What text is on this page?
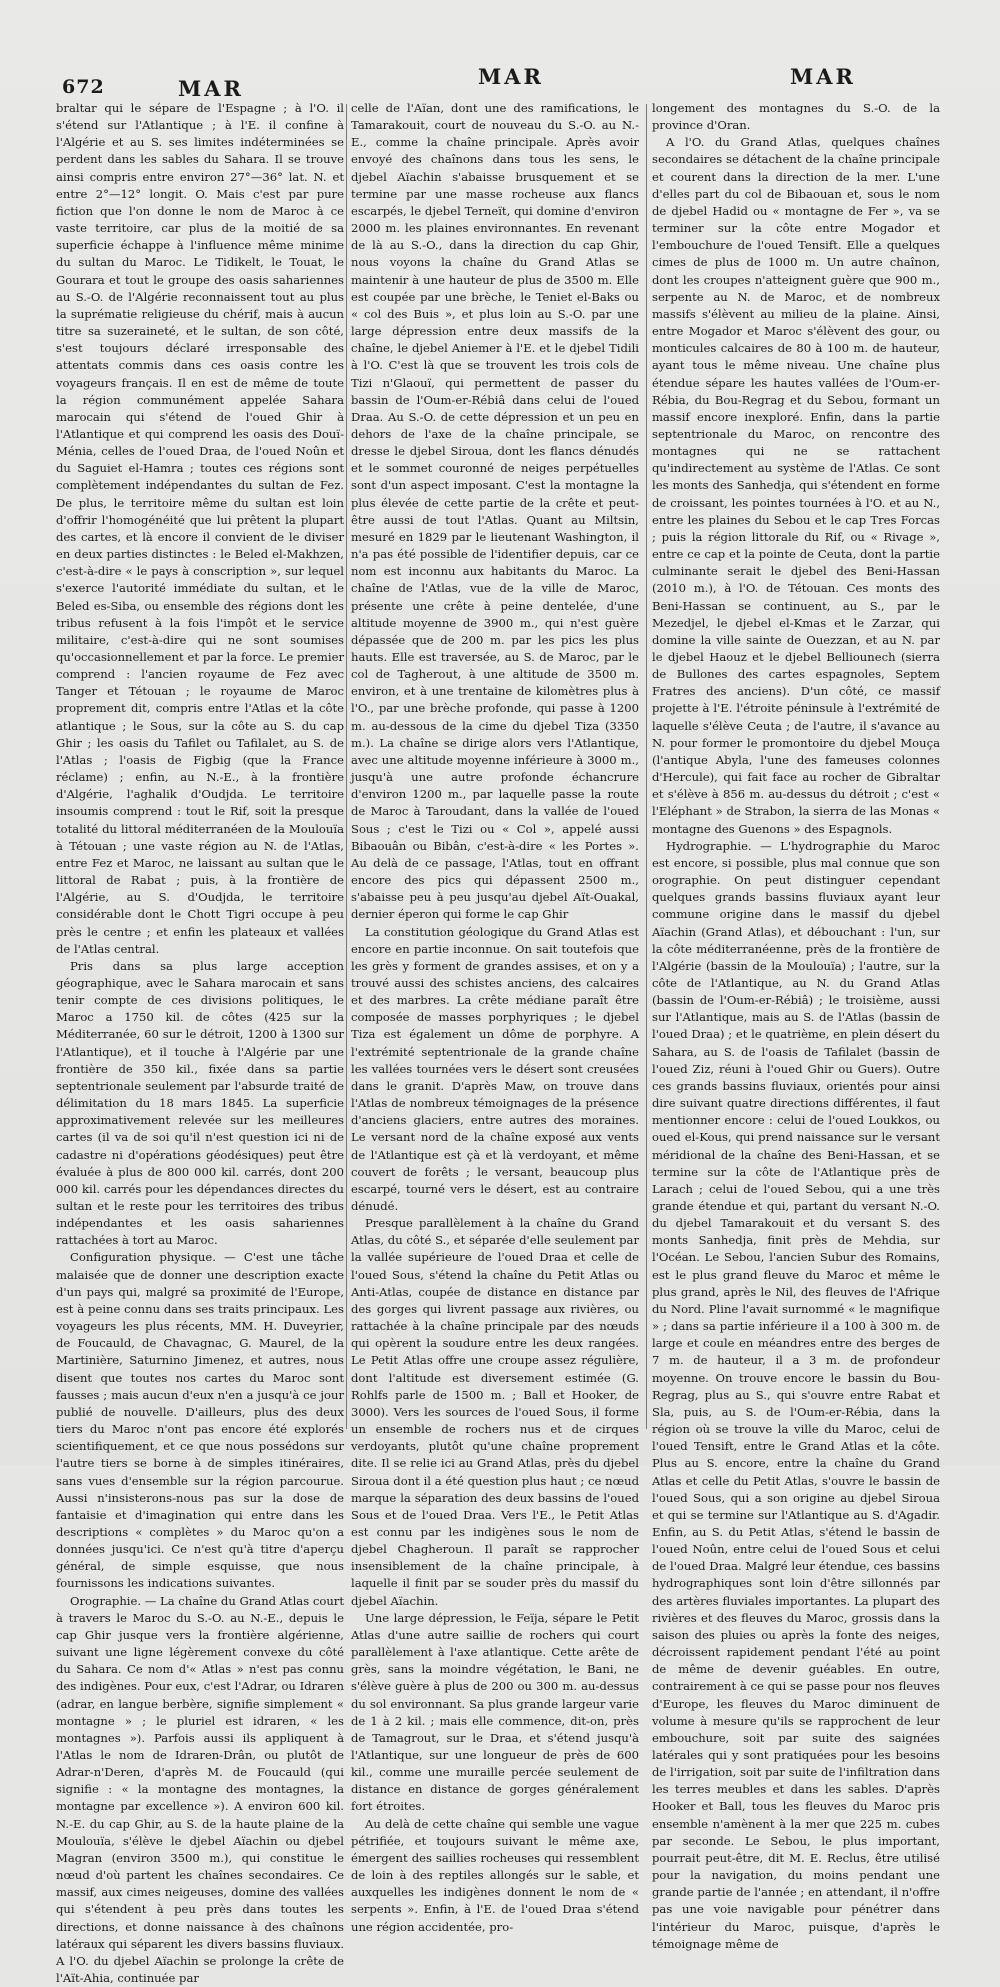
672	MAR	MAR	MAR

braltar qui le sépare de l'Espagne ; à l'O. il s'étend sur l'Atlantique ; à l'E. il confine à l'Algérie et au S. ses limites indéterminées se perdent dans les sables du Sahara. Il se trouve ainsi compris entre environ 27°—36° lat. N. et entre 2°—12° longit. O. Mais c'est par pure fiction que l'on donne le nom de Maroc à ce vaste territoire, car plus de la moitié de sa superficie échappe à l'influence même minime du sultan du Maroc. Le Tidikelt, le Touat, le Gourara et tout le groupe des oasis sahariennes au S.-O. de l'Algérie reconnaissent tout au plus la suprématie religieuse du chérif, mais à aucun titre sa suzeraineté, et le sultan, de son côté, s'est toujours déclaré irresponsable des attentats commis dans ces oasis contre les voyageurs français. Il en est de même de toute la région communément appelée Sahara marocain qui s'étend de l'oued Ghir à l'Atlantique et qui comprend les oasis des Douï-Ménia, celles de l'oued Draa, de l'oued Noûn et du Saguiet el-Hamra ; toutes ces régions sont complètement indépendantes du sultan de Fez. De plus, le territoire même du sultan est loin d'offrir l'homogénéité que lui prêtent la plupart des cartes, et là encore il convient de le diviser en deux parties distinctes : le Beled el-Makhzen, c'est-à-dire « le pays à conscription », sur lequel s'exerce l'autorité immédiate du sultan, et le Beled es-Siba, ou ensemble des régions dont les tribus refusent à la fois l'impôt et le service militaire, c'est-à-dire qui ne sont soumises qu'occasionnellement et par la force. Le premier comprend : l'ancien royaume de Fez avec Tanger et Tétouan ; le royaume de Maroc proprement dit, compris entre l'Atlas et la côte atlantique ; le Sous, sur la côte au S. du cap Ghir ; les oasis du Tafilet ou Tafilalet, au S. de l'Atlas ; l'oasis de Figbig (que la France réclame) ; enfin, au N.-E., à la frontière d'Algérie, l'aghalik d'Oudjda. Le territoire insoumis comprend : tout le Rif, soit la presque totalité du littoral méditerranéen de la Moulouïa à Tétouan ; une vaste région au N. de l'Atlas, entre Fez et Maroc, ne laissant au sultan que le littoral de Rabat ; puis, à la frontière de l'Algérie, au S. d'Oudjda, le territoire considérable dont le Chott Tigri occupe à peu près le centre ; et enfin les plateaux et vallées de l'Atlas central.

Pris dans sa plus large acception géographique, avec le Sahara marocain et sans tenir compte de ces divisions politiques, le Maroc a 1750 kil. de côtes (425 sur la Méditerranée, 60 sur le détroit, 1200 à 1300 sur l'Atlantique), et il touche à l'Algérie par une frontière de 350 kil., fixée dans sa partie septentrionale seulement par l'absurde traité de délimitation du 18 mars 1845. La superficie approximativement relevée sur les meilleures cartes (il va de soi qu'il n'est question ici ni de cadastre ni d'opérations géodésiques) peut être évaluée à plus de 800 000 kil. carrés, dont 200 000 kil. carrés pour les dépendances directes du sultan et le reste pour les territoires des tribus indépendantes et les oasis sahariennes rattachées à tort au Maroc.

Configuration physique. — C'est une tâche malaisée que de donner une description exacte d'un pays qui, malgré sa proximité de l'Europe, est à peine connu dans ses traits principaux. Les voyageurs les plus récents, MM. H. Duveyrier, de Foucauld, de Chavagnac, G. Maurel, de la Martinière, Saturnino Jimenez, et autres, nous disent que toutes nos cartes du Maroc sont fausses ; mais aucun d'eux n'en a jusqu'à ce jour publié de nouvelle. D'ailleurs, plus des deux tiers du Maroc n'ont pas encore été explorés scientifiquement, et ce que nous possédons sur l'autre tiers se borne à de simples itinéraires, sans vues d'ensemble sur la région parcourue. Aussi n'insisterons-nous pas sur la dose de fantaisie et d'imagination qui entre dans les descriptions « complètes » du Maroc qu'on a données jusqu'ici. Ce n'est qu'à titre d'aperçu général, de simple esquisse, que nous fournissons les indications suivantes.

Orographie. — La chaîne du Grand Atlas court à travers le Maroc du S.-O. au N.-E., depuis le cap Ghir jusque vers la frontière algérienne, suivant une ligne légèrement convexe du côté du Sahara. Ce nom d'« Atlas » n'est pas connu des indigènes. Pour eux, c'est l'Adrar, ou Idraren (adrar, en langue berbère, signifie simplement « montagne » ; le pluriel est idraren, « les montagnes »). Parfois aussi ils appliquent à l'Atlas le nom de Idraren-Drân, ou plutôt de Adrar-n'Deren, d'après M. de Foucauld (qui signifie : « la montagne des montagnes, la montagne par excellence »). A environ 600 kil. N.-E. du cap Ghir, au S. de la haute plaine de la Moulouïa, s'élève le djebel Aïachin ou djebel Magran (environ 3500 m.), qui constitue le nœud d'où partent les chaînes secondaires. Ce massif, aux cimes neigeuses, domine des vallées qui s'étendent à peu près dans toutes les directions, et donne naissance à des chaînons latéraux qui séparent les divers bassins fluviaux. A l'O. du djebel Aïachin se prolonge la crête de l'Aït-Ahia, continuée par

celle de l'Aïan, dont une des ramifications, le Tamarakouit, court de nouveau du S.-O. au N.-E., comme la chaîne principale. Après avoir envoyé des chaînons dans tous les sens, le djebel Aïachin s'abaisse brusquement et se termine par une masse rocheuse aux flancs escarpés, le djebel Terneït, qui domine d'environ 2000 m. les plaines environnantes. En revenant de là au S.-O., dans la direction du cap Ghir, nous voyons la chaîne du Grand Atlas se maintenir à une hauteur de plus de 3500 m. Elle est coupée par une brèche, le Teniet el-Baks ou « col des Buis », et plus loin au S.-O. par une large dépression entre deux massifs de la chaîne, le djebel Aniemer à l'E. et le djebel Tidili à l'O. C'est là que se trouvent les trois cols de Tizi n'Glaouï, qui permettent de passer du bassin de l'Oum-er-Rébiâ dans celui de l'oued Draa. Au S.-O. de cette dépression et un peu en dehors de l'axe de la chaîne principale, se dresse le djebel Siroua, dont les flancs dénudés et le sommet couronné de neiges perpétuelles sont d'un aspect imposant. C'est la montagne la plus élevée de cette partie de la crête et peut-être aussi de tout l'Atlas. Quant au Miltsin, mesuré en 1829 par le lieutenant Washington, il n'a pas été possible de l'identifier depuis, car ce nom est inconnu aux habitants du Maroc. La chaîne de l'Atlas, vue de la ville de Maroc, présente une crête à peine dentelée, d'une altitude moyenne de 3900 m., qui n'est guère dépassée que de 200 m. par les pics les plus hauts. Elle est traversée, au S. de Maroc, par le col de Tagherout, à une altitude de 3500 m. environ, et à une trentaine de kilomètres plus à l'O., par une brèche profonde, qui passe à 1200 m. au-dessous de la cime du djebel Tiza (3350 m.). La chaîne se dirige alors vers l'Atlantique, avec une altitude moyenne inférieure à 3000 m., jusqu'à une autre profonde échancrure d'environ 1200 m., par laquelle passe la route de Maroc à Taroudant, dans la vallée de l'oued Sous ; c'est le Tizi ou « Col », appelé aussi Bibaouân ou Bibân, c'est-à-dire « les Portes ». Au delà de ce passage, l'Atlas, tout en offrant encore des pics qui dépassent 2500 m., s'abaisse peu à peu jusqu'au djebel Aït-Ouakal, dernier éperon qui forme le cap Ghir

La constitution géologique du Grand Atlas est encore en partie inconnue. On sait toutefois que les grès y forment de grandes assises, et on y a trouvé aussi des schistes anciens, des calcaires et des marbres. La crête médiane paraît être composée de masses porphyriques ; le djebel Tiza est également un dôme de porphyre. A l'extrémité septentrionale de la grande chaîne les vallées tournées vers le désert sont creusées dans le granit. D'après Maw, on trouve dans l'Atlas de nombreux témoignages de la présence d'anciens glaciers, entre autres des moraines. Le versant nord de la chaîne exposé aux vents de l'Atlantique est çà et là verdoyant, et même couvert de forêts ; le versant, beaucoup plus escarpé, tourné vers le désert, est au contraire dénudé.

Presque parallèlement à la chaîne du Grand Atlas, du côté S., et séparée d'elle seulement par la vallée supérieure de l'oued Draa et celle de l'oued Sous, s'étend la chaîne du Petit Atlas ou Anti-Atlas, coupée de distance en distance par des gorges qui livrent passage aux rivières, ou rattachée à la chaîne principale par des nœuds qui opèrent la soudure entre les deux rangées. Le Petit Atlas offre une croupe assez régulière, dont l'altitude est diversement estimée (G. Rohlfs parle de 1500 m. ; Ball et Hooker, de 3000). Vers les sources de l'oued Sous, il forme un ensemble de rochers nus et de cirques verdoyants, plutôt qu'une chaîne proprement dite. Il se relie ici au Grand Atlas, près du djebel Siroua dont il a été question plus haut ; ce nœud marque la séparation des deux bassins de l'oued Sous et de l'oued Draa. Vers l'E., le Petit Atlas est connu par les indigènes sous le nom de djebel Chagheroun. Il paraît se rapprocher insensiblement de la chaîne principale, à laquelle il finit par se souder près du massif du djebel Aïachin.

Une large dépression, le Feïja, sépare le Petit Atlas d'une autre saillie de rochers qui court parallèlement à l'axe atlantique. Cette arête de grès, sans la moindre végétation, le Bani, ne s'élève guère à plus de 200 ou 300 m. au-dessus du sol environnant. Sa plus grande largeur varie de 1 à 2 kil. ; mais elle commence, dit-on, près de Tamagrout, sur le Draa, et s'étend jusqu'à l'Atlantique, sur une longueur de près de 600 kil., comme une muraille percée seulement de distance en distance de gorges généralement fort étroites.

Au delà de cette chaîne qui semble une vague pétrifiée, et toujours suivant le même axe, émergent des saillies rocheuses qui ressemblent de loin à des reptiles allongés sur le sable, et auxquelles les indigènes donnent le nom de « serpents ». Enfin, à l'E. de l'oued Draa s'étend une région accidentée, pro-

longement des montagnes du S.-O. de la province d'Oran.

A l'O. du Grand Atlas, quelques chaînes secondaires se détachent de la chaîne principale et courent dans la direction de la mer. L'une d'elles part du col de Bibaouan et, sous le nom de djebel Hadid ou « montagne de Fer », va se terminer sur la côte entre Mogador et l'embouchure de l'oued Tensift. Elle a quelques cimes de plus de 1000 m. Un autre chaînon, dont les croupes n'atteignent guère que 900 m., serpente au N. de Maroc, et de nombreux massifs s'élèvent au milieu de la plaine. Ainsi, entre Mogador et Maroc s'élèvent des gour, ou monticules calcaires de 80 à 100 m. de hauteur, ayant tous le même niveau. Une chaîne plus étendue sépare les hautes vallées de l'Oum-er-Rébia, du Bou-Regrag et du Sebou, formant un massif encore inexploré. Enfin, dans la partie septentrionale du Maroc, on rencontre des montagnes qui ne se rattachent qu'indirectement au système de l'Atlas. Ce sont les monts des Sanhedja, qui s'étendent en forme de croissant, les pointes tournées à l'O. et au N., entre les plaines du Sebou et le cap Tres Forcas ; puis la région littorale du Rif, ou « Rivage », entre ce cap et la pointe de Ceuta, dont la partie culminante serait le djebel des Beni-Hassan (2010 m.), à l'O. de Tétouan. Ces monts des Beni-Hassan se continuent, au S., par le Mezedjel, le djebel el-Kmas et le Zarzar, qui domine la ville sainte de Ouezzan, et au N. par le djebel Haouz et le djebel Belliounech (sierra de Bullones des cartes espagnoles, Septem Fratres des anciens). D'un côté, ce massif projette à l'E. l'étroite péninsule à l'extrémité de laquelle s'élève Ceuta ; de l'autre, il s'avance au N. pour former le promontoire du djebel Mouça (l'antique Abyla, l'une des fameuses colonnes d'Hercule), qui fait face au rocher de Gibraltar et s'élève à 856 m. au-dessus du détroit ; c'est « l'Eléphant » de Strabon, la sierra de las Monas « montagne des Guenons » des Espagnols.

Hydrographie. — L'hydrographie du Maroc est encore, si possible, plus mal connue que son orographie. On peut distinguer cependant quelques grands bassins fluviaux ayant leur commune origine dans le massif du djebel Aïachin (Grand Atlas), et débouchant : l'un, sur la côte méditerranéenne, près de la frontière de l'Algérie (bassin de la Moulouïa) ; l'autre, sur la côte de l'Atlantique, au N. du Grand Atlas (bassin de l'Oum-er-Rébiâ) ; le troisième, aussi sur l'Atlantique, mais au S. de l'Atlas (bassin de l'oued Draa) ; et le quatrième, en plein désert du Sahara, au S. de l'oasis de Tafilalet (bassin de l'oued Ziz, réuni à l'oued Ghir ou Guers). Outre ces grands bassins fluviaux, orientés pour ainsi dire suivant quatre directions différentes, il faut mentionner encore : celui de l'oued Loukkos, ou oued el-Kous, qui prend naissance sur le versant méridional de la chaîne des Beni-Hassan, et se termine sur la côte de l'Atlantique près de Larach ; celui de l'oued Sebou, qui a une très grande étendue et qui, partant du versant N.-O. du djebel Tamarakouit et du versant S. des monts Sanhedja, finit près de Mehdia, sur l'Océan. Le Sebou, l'ancien Subur des Romains, est le plus grand fleuve du Maroc et même le plus grand, après le Nil, des fleuves de l'Afrique du Nord. Pline l'avait surnommé « le magnifique » ; dans sa partie inférieure il a 100 à 300 m. de large et coule en méandres entre des berges de 7 m. de hauteur, il a 3 m. de profondeur moyenne. On trouve encore le bassin du Bou-Regrag, plus au S., qui s'ouvre entre Rabat et Sla, puis, au S. de l'Oum-er-Rébia, dans la région où se trouve la ville du Maroc, celui de l'oued Tensift, entre le Grand Atlas et la côte. Plus au S. encore, entre la chaîne du Grand Atlas et celle du Petit Atlas, s'ouvre le bassin de l'oued Sous, qui a son origine au djebel Siroua et qui se termine sur l'Atlantique au S. d'Agadir. Enfin, au S. du Petit Atlas, s'étend le bassin de l'oued Noûn, entre celui de l'oued Sous et celui de l'oued Draa. Malgré leur étendue, ces bassins hydrographiques sont loin d'être sillonnés par des artères fluviales importantes. La plupart des rivières et des fleuves du Maroc, grossis dans la saison des pluies ou après la fonte des neiges, décroissent rapidement pendant l'été au point de même de devenir guéables. En outre, contrairement à ce qui se passe pour nos fleuves d'Europe, les fleuves du Maroc diminuent de volume à mesure qu'ils se rapprochent de leur embouchure, soit par suite des saignées latérales qui y sont pratiquées pour les besoins de l'irrigation, soit par suite de l'infiltration dans les terres meubles et dans les sables. D'après Hooker et Ball, tous les fleuves du Maroc pris ensemble n'amènent à la mer que 225 m. cubes par seconde. Le Sebou, le plus important, pourrait peut-être, dit M. E. Reclus, être utilisé pour la navigation, du moins pendant une grande partie de l'année ; en attendant, il n'offre pas une voie navigable pour pénétrer dans l'intérieur du Maroc, puisque, d'après le témoignage même de
